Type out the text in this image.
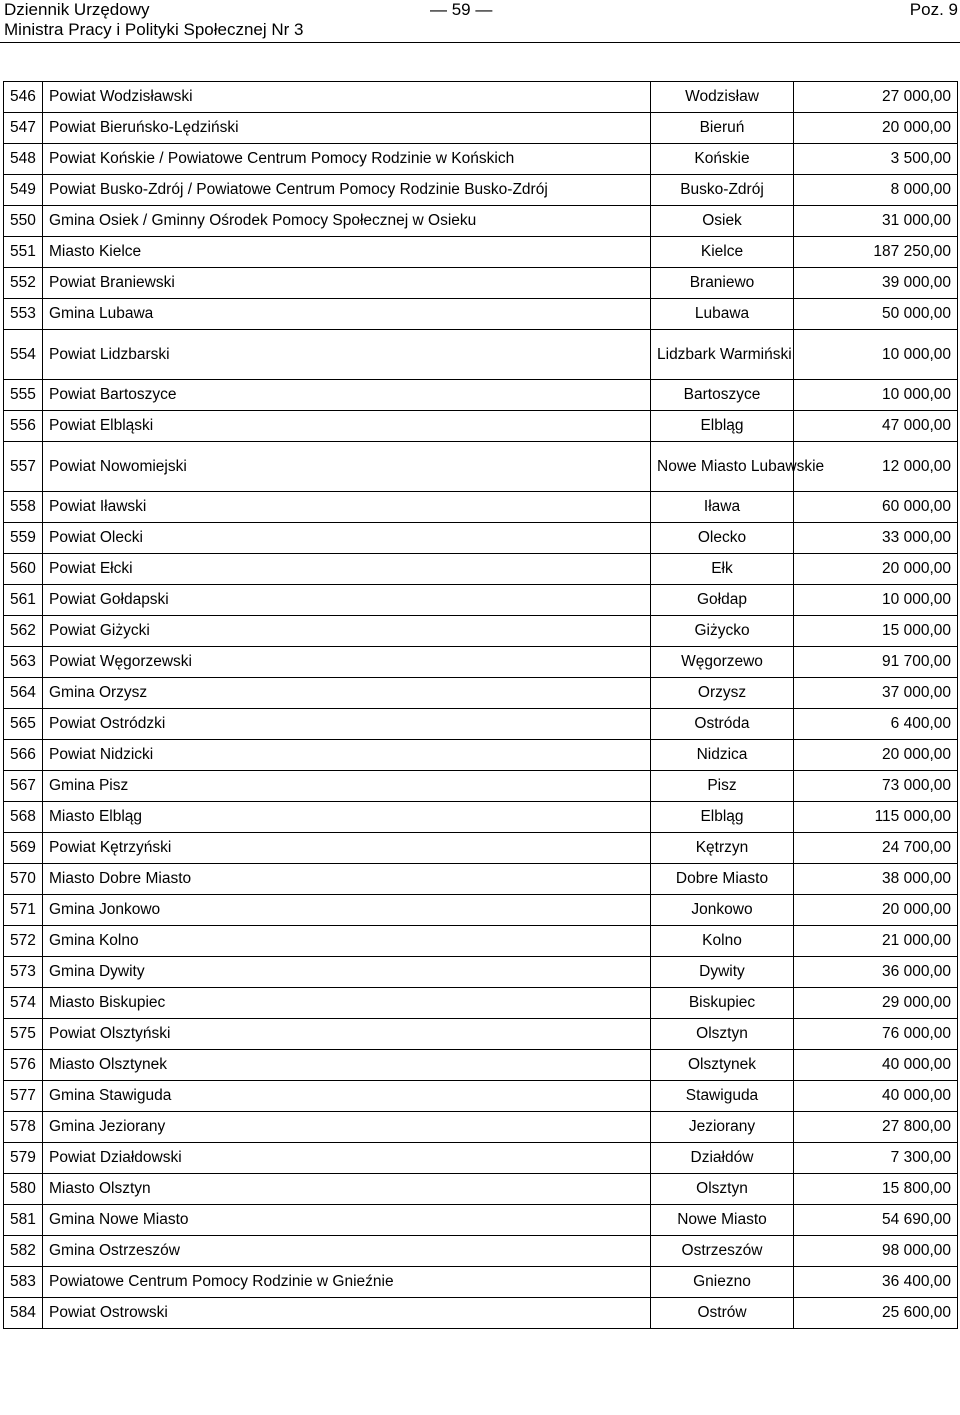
Dziennik Urzędowy
Ministra Pracy i Polityki Społecznej Nr 3
— 59 —	Poz. 9
546	Powiat Wodzisławski	Wodzisław	27 000,00
547	Powiat Bieruńsko-Lędziński	Bieruń	20 000,00
548	Powiat Końskie / Powiatowe Centrum Pomocy Rodzinie w Końskich	Końskie	3 500,00
549	Powiat Busko-Zdrój / Powiatowe Centrum Pomocy Rodzinie Busko-Zdrój	Busko-Zdrój	8 000,00
550	Gmina Osiek / Gminny Ośrodek Pomocy Społecznej w Osieku	Osiek	31 000,00
551	Miasto Kielce	Kielce	187 250,00
552	Powiat Braniewski	Braniewo	39 000,00
553	Gmina Lubawa	Lubawa	50 000,00
554	Powiat Lidzbarski	Lidzbark Warmiński	10 000,00
555	Powiat Bartoszyce	Bartoszyce	10 000,00
556	Powiat Elbląski	Elbląg	47 000,00
557	Powiat Nowomiejski	Nowe Miasto Lubawskie	12 000,00
558	Powiat Iławski	Iława	60 000,00
559	Powiat Olecki	Olecko	33 000,00
560	Powiat Ełcki	Ełk	20 000,00
561	Powiat Gołdapski	Gołdap	10 000,00
562	Powiat Giżycki	Giżycko	15 000,00
563	Powiat Węgorzewski	Węgorzewo	91 700,00
564	Gmina Orzysz	Orzysz	37 000,00
565	Powiat Ostródzki	Ostróda	6 400,00
566	Powiat Nidzicki	Nidzica	20 000,00
567	Gmina Pisz	Pisz	73 000,00
568	Miasto Elbląg	Elbląg	115 000,00
569	Powiat Kętrzyński	Kętrzyn	24 700,00
570	Miasto Dobre Miasto	Dobre Miasto	38 000,00
571	Gmina Jonkowo	Jonkowo	20 000,00
572	Gmina Kolno	Kolno	21 000,00
573	Gmina Dywity	Dywity	36 000,00
574	Miasto Biskupiec	Biskupiec	29 000,00
575	Powiat Olsztyński	Olsztyn	76 000,00
576	Miasto Olsztynek	Olsztynek	40 000,00
577	Gmina Stawiguda	Stawiguda	40 000,00
578	Gmina Jeziorany	Jeziorany	27 800,00
579	Powiat Działdowski	Działdów	7 300,00
580	Miasto Olsztyn	Olsztyn	15 800,00
581	Gmina Nowe Miasto	Nowe Miasto	54 690,00
582	Gmina Ostrzeszów	Ostrzeszów	98 000,00
583	Powiatowe Centrum Pomocy Rodzinie w Gnieźnie	Gniezno	36 400,00
584	Powiat Ostrowski	Ostrów	25 600,00
